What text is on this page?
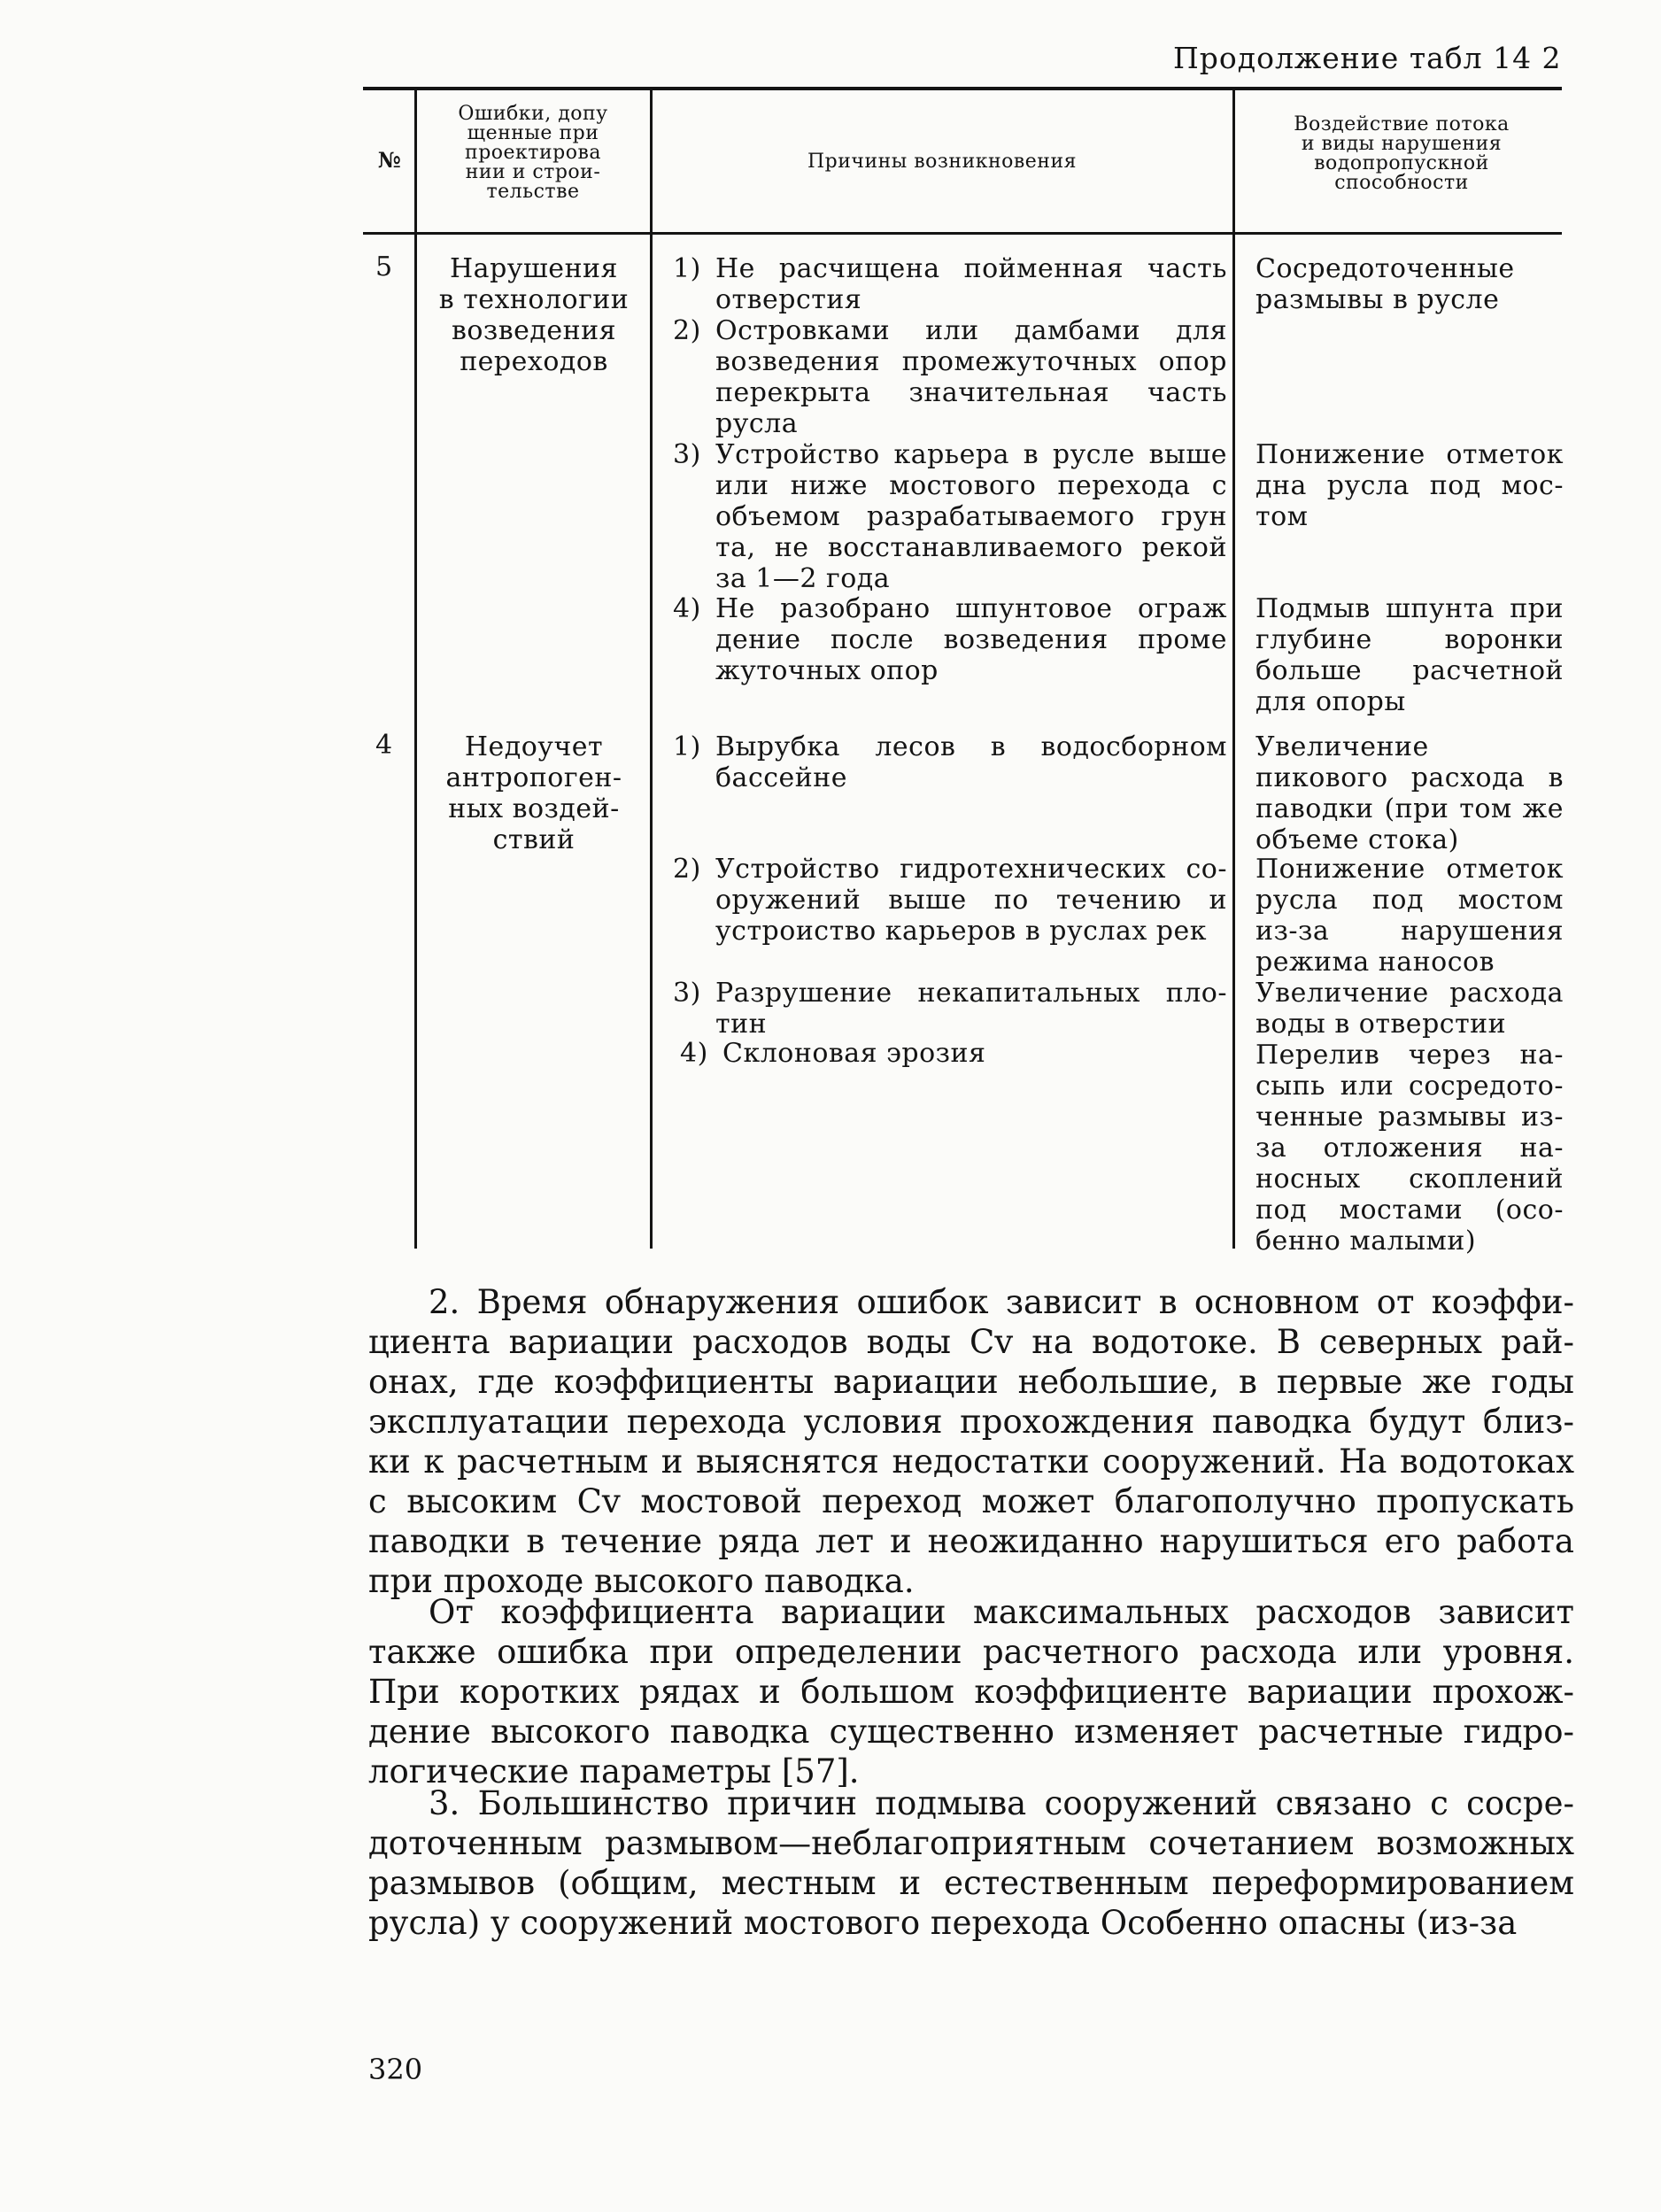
Продолжение табл 14 2
№
Ошибки, допу
щенные при
проектирова
нии и строи-
тельстве
Причины возникновения
Воздействие потока
и виды нарушения
водопропускной
способности
5	Нарушения
в технологии
возведения
переходов
1) Не расчищена пойменная часть отверстия
2) Островками или дамбами для возведения промежуточных опор перекрыта значительная часть русла
3) Устройство карьера в русле выше или ниже мостового перехода с объемом разрабатываемого грун та, не восстанавливаемого рекой за 1—2 года
4) Не разобрано шпунтовое ограж дение после возведения проме жуточных опор
Сосредоточенные размывы в русле
Понижение отметок дна русла под мос- том
Подмыв шпунта при глубине воронки больше расчетной для опоры
4	Недоучет
антропоген-
ных воздей-
ствий
1) Вырубка лесов в водосборном бассейне
2) Устройство гидротехнических со- оружений выше по течению и устроиство карьеров в руслах рек
3) Разрушение некапитальных пло- тин
4) Склоновая эрозия
Увеличение пикового расхода в паводки (при том же объеме стока)
Понижение отметок русла под мостом из-за нарушения режима наносов
Увеличение расхода воды в отверстии
Перелив через на- сыпь или сосредото- ченные размывы из- за отложения на- носных скоплений под мостами (осо- бенно малыми)

2. Время обнаружения ошибок зависит в основном от коэффи- циента вариации расходов воды Cv на водотоке. В северных рай- онах, где коэффициенты вариации небольшие, в первые же годы эксплуатации перехода условия прохождения паводка будут близ- ки к расчетным и выяснятся недостатки сооружений. На водотоках с высоким Cv мостовой переход может благополучно пропускать паводки в течение ряда лет и неожиданно нарушиться его работа при проходе высокого паводка.

От коэффициента вариации максимальных расходов зависит также ошибка при определении расчетного расхода или уровня. При коротких рядах и большом коэффициенте вариации прохож- дение высокого паводка существенно изменяет расчетные гидро- логические параметры [57].

3. Большинство причин подмыва сооружений связано с сосре- доточенным размывом—неблагоприятным сочетанием возможных размывов (общим, местным и естественным переформированием русла) у сооружений мостового перехода Особенно опасны (из-за

320
